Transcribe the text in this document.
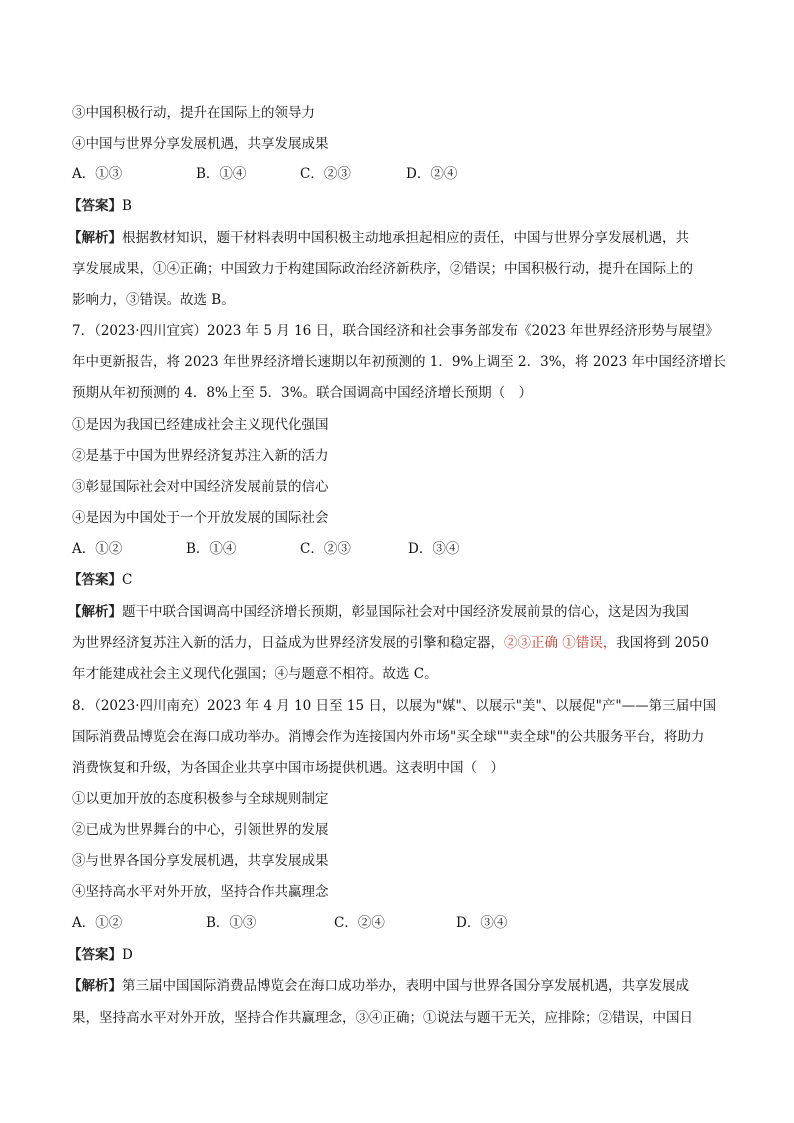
③中国积极行动，提升在国际上的领导力
④中国与世界分享发展机遇，共享发展成果
A．①③	B．①④	C．②③	D．②④
【答案】B
【解析】根据教材知识，题干材料表明中国积极主动地承担起相应的责任，中国与世界分享发展机遇，共
享发展成果，①④正确；中国致力于构建国际政治经济新秩序，②错误；中国积极行动，提升在国际上的
影响力，③错误。故选 B。
7．（2023·四川宜宾）2023 年 5 月 16 日，联合国经济和社会事务部发布《2023 年世界经济形势与展望》
年中更新报告，将 2023 年世界经济增长速期以年初预测的 1．9%上调至 2．3%，将 2023 年中国经济增长
预期从年初预测的 4．8%上至 5．3%。联合国调高中国经济增长预期（　）
①是因为我国已经建成社会主义现代化强国
②是基于中国为世界经济复苏注入新的活力
③彰显国际社会对中国经济发展前景的信心
④是因为中国处于一个开放发展的国际社会
A．①②	B．①④	C．②③	D．③④
【答案】C
【解析】题干中联合国调高中国经济增长预期，彰显国际社会对中国经济发展前景的信心，这是因为我国
为世界经济复苏注入新的活力，日益成为世界经济发展的引擎和稳定器，②③正确 ①错误，我国将到 2050
年才能建成社会主义现代化强国；④与题意不相符。故选 C。
8．（2023·四川南充）2023 年 4 月 10 日至 15 日，以展为"媒"、以展示"美"、以展促"产"——第三届中国
国际消费品博览会在海口成功举办。消博会作为连接国内外市场"买全球""卖全球"的公共服务平台，将助力
消费恢复和升级，为各国企业共享中国市场提供机遇。这表明中国（　）
①以更加开放的态度积极参与全球规则制定
②已成为世界舞台的中心，引领世界的发展
③与世界各国分享发展机遇，共享发展成果
④坚持高水平对外开放，坚持合作共赢理念
A．①②	B．①③	C．②④	D．③④
【答案】D
【解析】第三届中国国际消费品博览会在海口成功举办，表明中国与世界各国分享发展机遇，共享发展成
果，坚持高水平对外开放，坚持合作共赢理念，③④正确；①说法与题干无关，应排除；②错误，中国日
